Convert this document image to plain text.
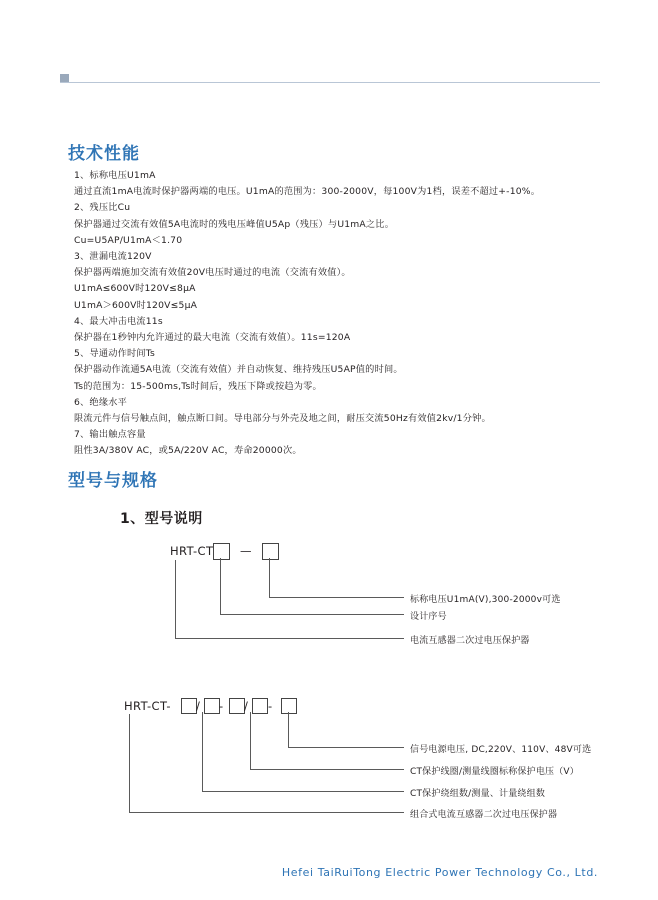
技术性能
1、标称电压U1mA
通过直流1mA电流时保护器两端的电压。U1mA的范围为：300-2000V，每100V为1档，误差不超过+-10%。
2、残压比Cu
保护器通过交流有效值5A电流时的残电压峰值U5Ap（残压）与U1mA之比。
Cu=U5AP/U1mA＜1.70
3、泄漏电流120V
保护器两端施加交流有效值20V电压时通过的电流（交流有效值）。
U1mA≤600V时120V≤8μA
U1mA＞600V时120V≤5μA
4、最大冲击电流11s
保护器在1秒钟内允许通过的最大电流（交流有效值）。11s=120A
5、导通动作时间Ts
保护器动作流通5A电流（交流有效值）并自动恢复、维持残压U5AP值的时间。
Ts的范围为：15-500ms,Ts时间后，残压下降或按趋为零。
6、绝缘水平
限流元件与信号触点间，触点断口间。导电部分与外壳及地之间，耐压交流50Hz有效值2kv/1分钟。
7、输出触点容量
阻性3A/380V AC，或5A/220V AC，寿命20000次。
型号与规格
1、型号说明
HRT-CT —
标称电压U1mA(V),300-2000v可选
设计序号
电流互感器二次过电压保护器
HRT-CT- / - / -
信号电源电压, DC,220V、110V、48V可选
CT保护线圈/测量线圈标称保护电压（V）
CT保护绕组数/测量、计量绕组数
组合式电流互感器二次过电压保护器
Hefei TaiRuiTong Electric Power Technology Co., Ltd.
